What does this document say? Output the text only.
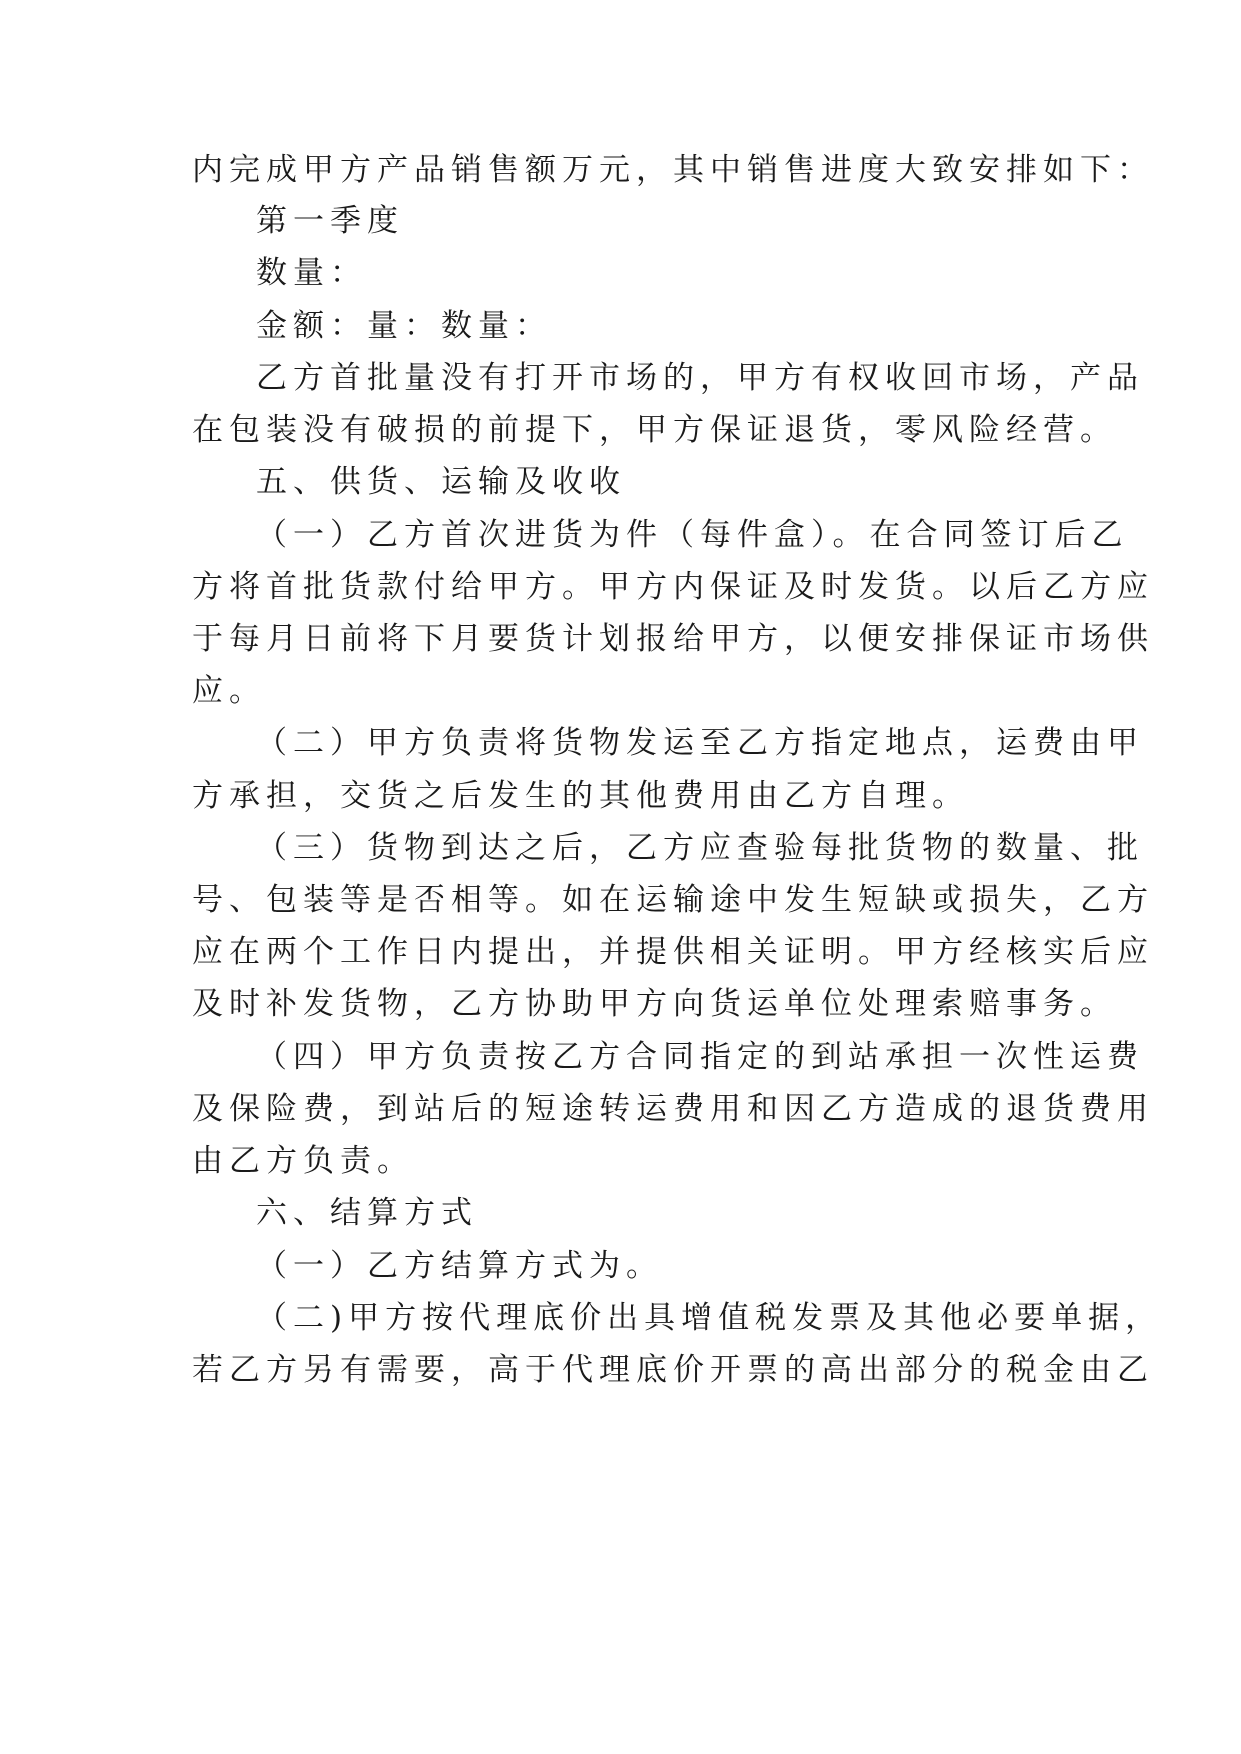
内完成甲方产品销售额万元，其中销售进度大致安排如下：
第一季度
数量：
金额：量：数量：
乙方首批量没有打开市场的，甲方有权收回市场，产品
在包装没有破损的前提下，甲方保证退货，零风险经营。
五、供货、运输及收收
（一）乙方首次进货为件（每件盒）。在合同签订后乙
方将首批货款付给甲方。甲方内保证及时发货。以后乙方应
于每月日前将下月要货计划报给甲方，以便安排保证市场供
应。
（二）甲方负责将货物发运至乙方指定地点，运费由甲
方承担，交货之后发生的其他费用由乙方自理。
（三）货物到达之后，乙方应查验每批货物的数量、批
号、包装等是否相等。如在运输途中发生短缺或损失，乙方
应在两个工作日内提出，并提供相关证明。甲方经核实后应
及时补发货物，乙方协助甲方向货运单位处理索赔事务。
（四）甲方负责按乙方合同指定的到站承担一次性运费
及保险费，到站后的短途转运费用和因乙方造成的退货费用
由乙方负责。
六、结算方式
（一）乙方结算方式为。
（二)甲方按代理底价出具增值税发票及其他必要单据，
若乙方另有需要，高于代理底价开票的高出部分的税金由乙
